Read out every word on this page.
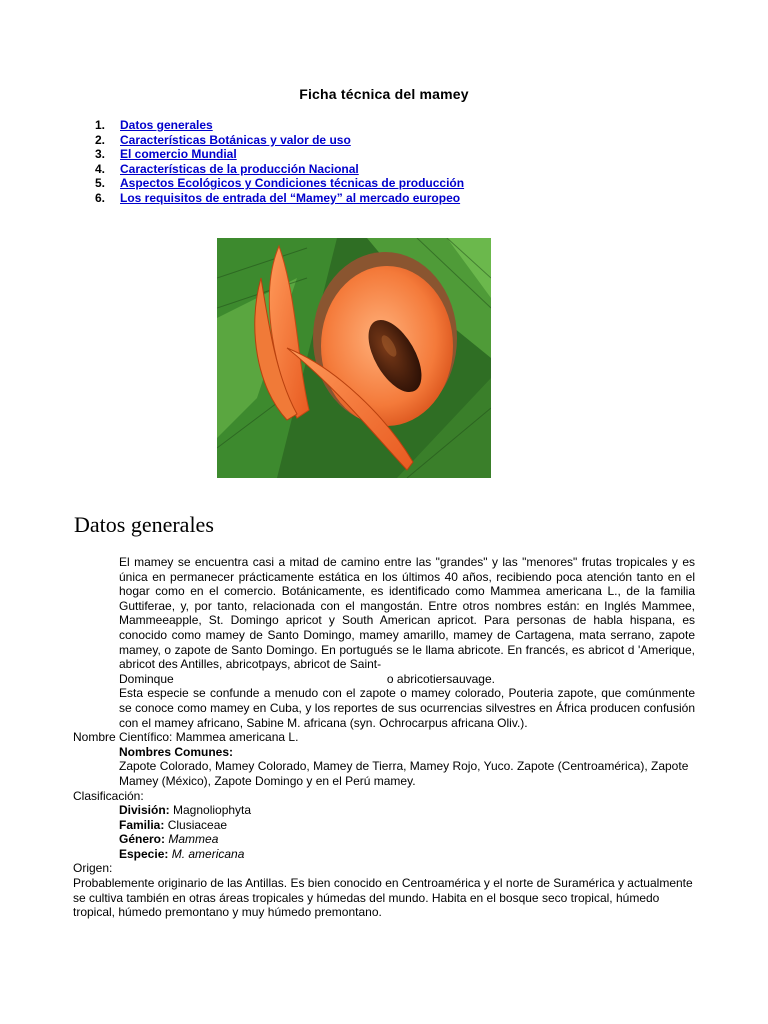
Ficha técnica del mamey
1. Datos generales
2. Características Botánicas y valor de uso
3. El comercio Mundial
4. Características de la producción Nacional
5. Aspectos Ecológicos y Condiciones técnicas de producción
6. Los requisitos de entrada del “Mamey” al mercado europeo
Datos generales

El mamey se encuentra casi a mitad de camino entre las "grandes" y las "menores" frutas tropicales y es única en permanecer prácticamente estática en los últimos 40 años, recibiendo poca atención tanto en el hogar como en el comercio. Botánicamente, es identificado como Mammea americana L., de la familia Guttiferae, y, por tanto, relacionada con el mangostán. Entre otros nombres están: en Inglés Mammee, Mammeeapple, St. Domingo apricot y South American apricot. Para personas de habla hispana, es conocido como mamey de Santo Domingo, mamey amarillo, mamey de Cartagena, mata serrano, zapote mamey, o zapote de Santo Domingo. En portugués se le llama abricote. En francés, es abricot d 'Amerique, abricot des Antilles, abricotpays, abricot de Saint-

Dominque	o abricotiersauvage.

Esta especie se confunde a menudo con el zapote o mamey colorado, Pouteria zapote, que comúnmente se conoce como mamey en Cuba, y los reportes de sus ocurrencias silvestres en África producen confusión con el mamey africano, Sabine M. africana (syn. Ochrocarpus africana Oliv.).

Nombre Científico: Mammea americana L.

Nombres Comunes:

Zapote Colorado, Mamey Colorado, Mamey de Tierra, Mamey Rojo, Yuco. Zapote (Centroamérica), Zapote Mamey (México), Zapote Domingo y en el Perú mamey.

Clasificación:

División: Magnoliophyta

Familia: Clusiaceae

Género: Mammea

Especie: M. americana

Origen:

Probablemente originario de las Antillas. Es bien conocido en Centroamérica y el norte de Suramérica y actualmente se cultiva también en otras áreas tropicales y húmedas del mundo. Habita en el bosque seco tropical, húmedo tropical, húmedo premontano y muy húmedo premontano.
